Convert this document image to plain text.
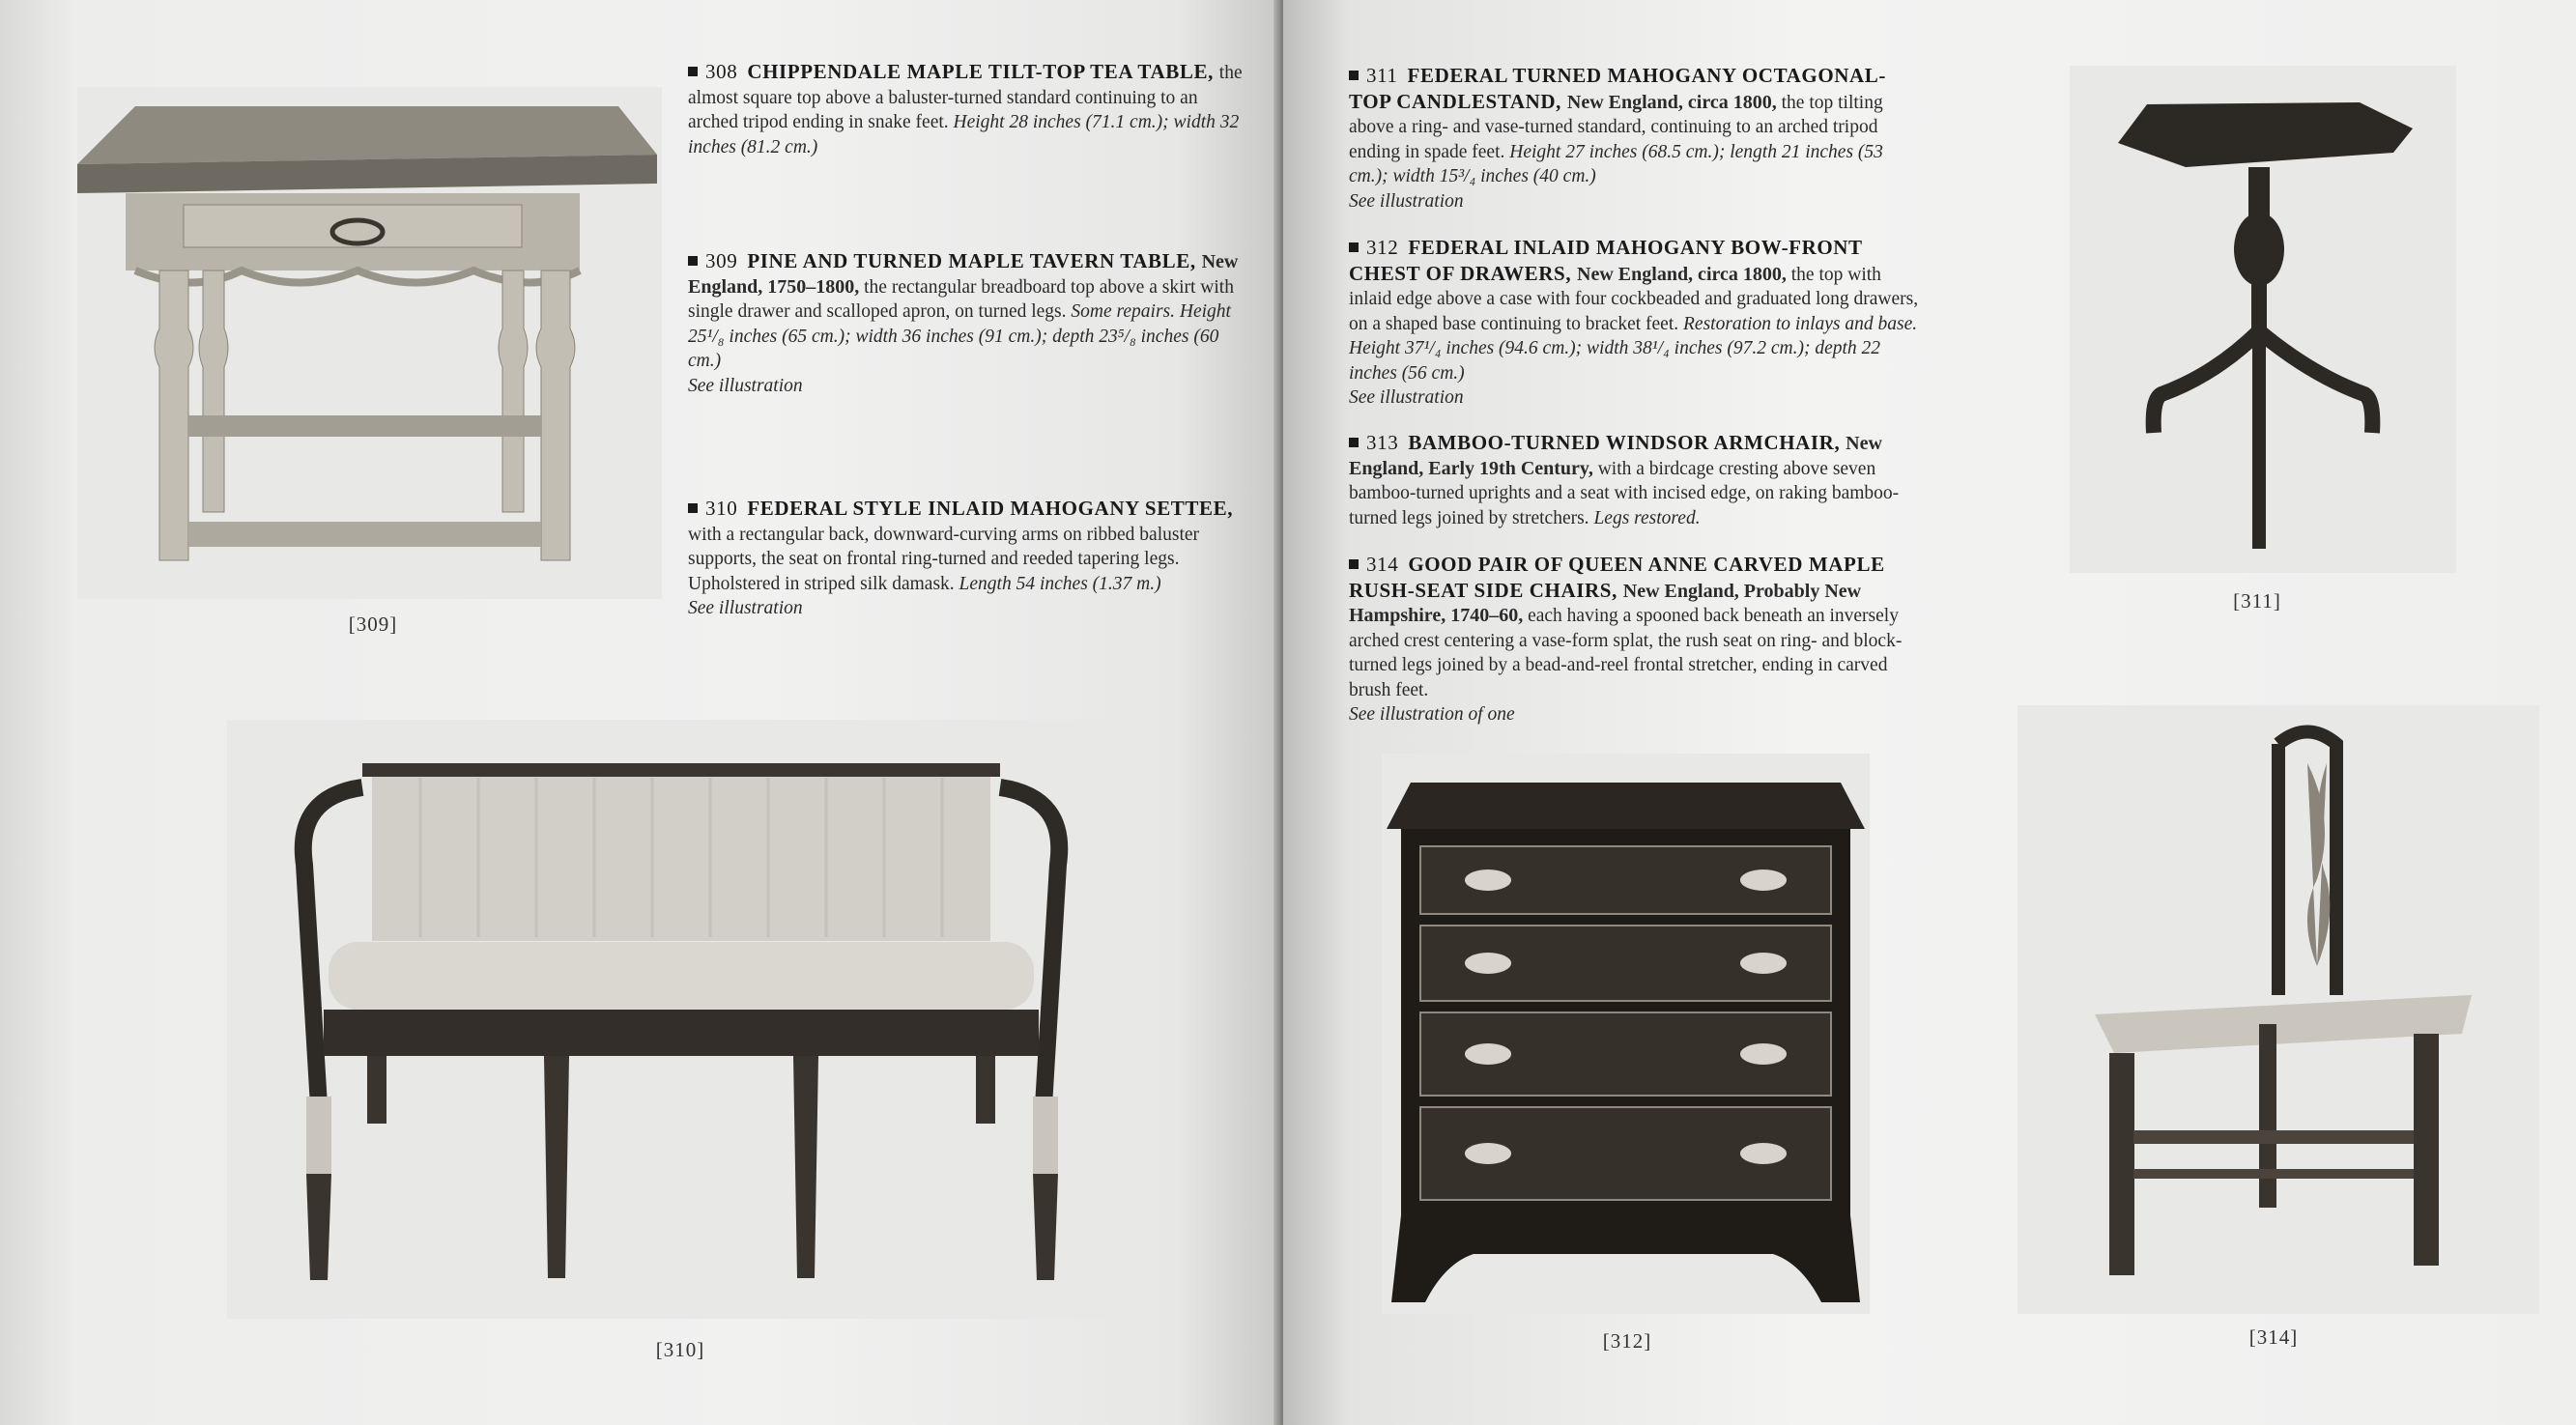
[309]
308 CHIPPENDALE MAPLE TILT-TOP TEA TABLE, the almost square top above a baluster-turned standard continuing to an arched tripod ending in snake feet. Height 28 inches (71.1 cm.); width 32 inches (81.2 cm.)
309 PINE AND TURNED MAPLE TAVERN TABLE, New England, 1750–1800, the rectangular breadboard top above a skirt with single drawer and scalloped apron, on turned legs. Some repairs. Height 25¹/₈ inches (65 cm.); width 36 inches (91 cm.); depth 23⁵/₈ inches (60 cm.)
See illustration
310 FEDERAL STYLE INLAID MAHOGANY SETTEE, with a rectangular back, downward-curving arms on ribbed baluster supports, the seat on frontal ring-turned and reeded tapering legs. Upholstered in striped silk damask. Length 54 inches (1.37 m.)
See illustration
[310]
311 FEDERAL TURNED MAHOGANY OCTAGONAL-TOP CANDLESTAND, New England, circa 1800, the top tilting above a ring- and vase-turned standard, continuing to an arched tripod ending in spade feet. Height 27 inches (68.5 cm.); length 21 inches (53 cm.); width 15³/₄ inches (40 cm.)
See illustration
312 FEDERAL INLAID MAHOGANY BOW-FRONT CHEST OF DRAWERS, New England, circa 1800, the top with inlaid edge above a case with four cockbeaded and graduated long drawers, on a shaped base continuing to bracket feet. Restoration to inlays and base. Height 37¹/₄ inches (94.6 cm.); width 38¹/₄ inches (97.2 cm.); depth 22 inches (56 cm.)
See illustration
313 BAMBOO-TURNED WINDSOR ARMCHAIR, New England, Early 19th Century, with a birdcage cresting above seven bamboo-turned uprights and a seat with incised edge, on raking bamboo-turned legs joined by stretchers. Legs restored.
314 GOOD PAIR OF QUEEN ANNE CARVED MAPLE RUSH-SEAT SIDE CHAIRS, New England, Probably New Hampshire, 1740–60, each having a spooned back beneath an inversely arched crest centering a vase-form splat, the rush seat on ring- and block-turned legs joined by a bead-and-reel frontal stretcher, ending in carved brush feet.
See illustration of one
[311]
[312]	[314]
